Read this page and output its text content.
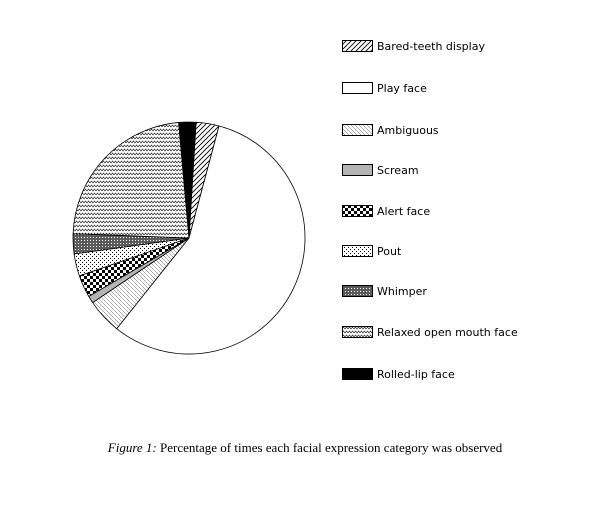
Bared-teeth display
Play face
Ambiguous
Scream
Alert face
Pout
Whimper
Relaxed open mouth face
Rolled-lip face
Figure 1: Percentage of times each facial expression category was observed
